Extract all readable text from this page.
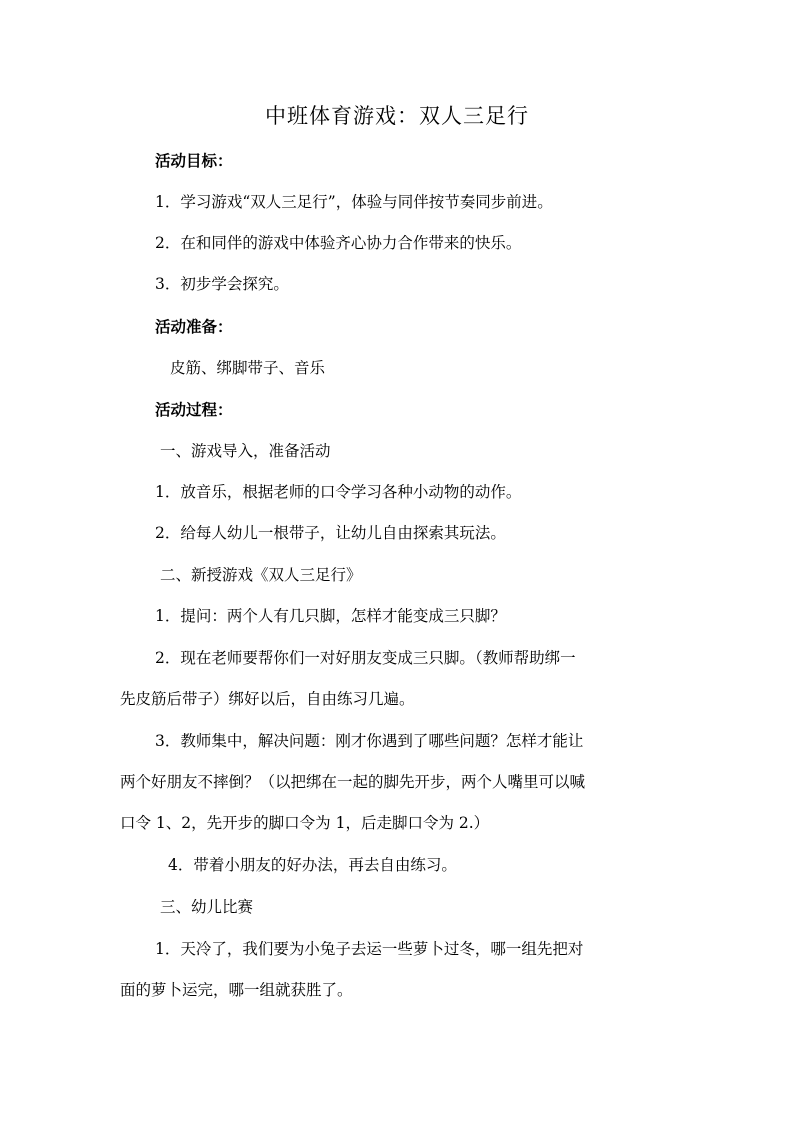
中班体育游戏：双人三足行

活动目标：

1．学习游戏“双人三足行”，体验与同伴按节奏同步前进。

2．在和同伴的游戏中体验齐心协力合作带来的快乐。

3．初步学会探究。

活动准备：

皮筋、绑脚带子、音乐

活动过程：

一、游戏导入，准备活动

1．放音乐，根据老师的口令学习各种小动物的动作。

2．给每人幼儿一根带子，让幼儿自由探索其玩法。

二、新授游戏《双人三足行》

1．提问：两个人有几只脚，怎样才能变成三只脚？

2．现在老师要帮你们一对好朋友变成三只脚。（教师帮助绑一

先皮筋后带子）绑好以后，自由练习几遍。

3．教师集中，解决问题：刚才你遇到了哪些问题？怎样才能让

两个好朋友不摔倒？（以把绑在一起的脚先开步，两个人嘴里可以喊

口令 1、2，先开步的脚口令为 1，后走脚口令为 2.）

4．带着小朋友的好办法，再去自由练习。

三、幼儿比赛

1．天冷了，我们要为小兔子去运一些萝卜过冬，哪一组先把对

面的萝卜运完，哪一组就获胜了。
